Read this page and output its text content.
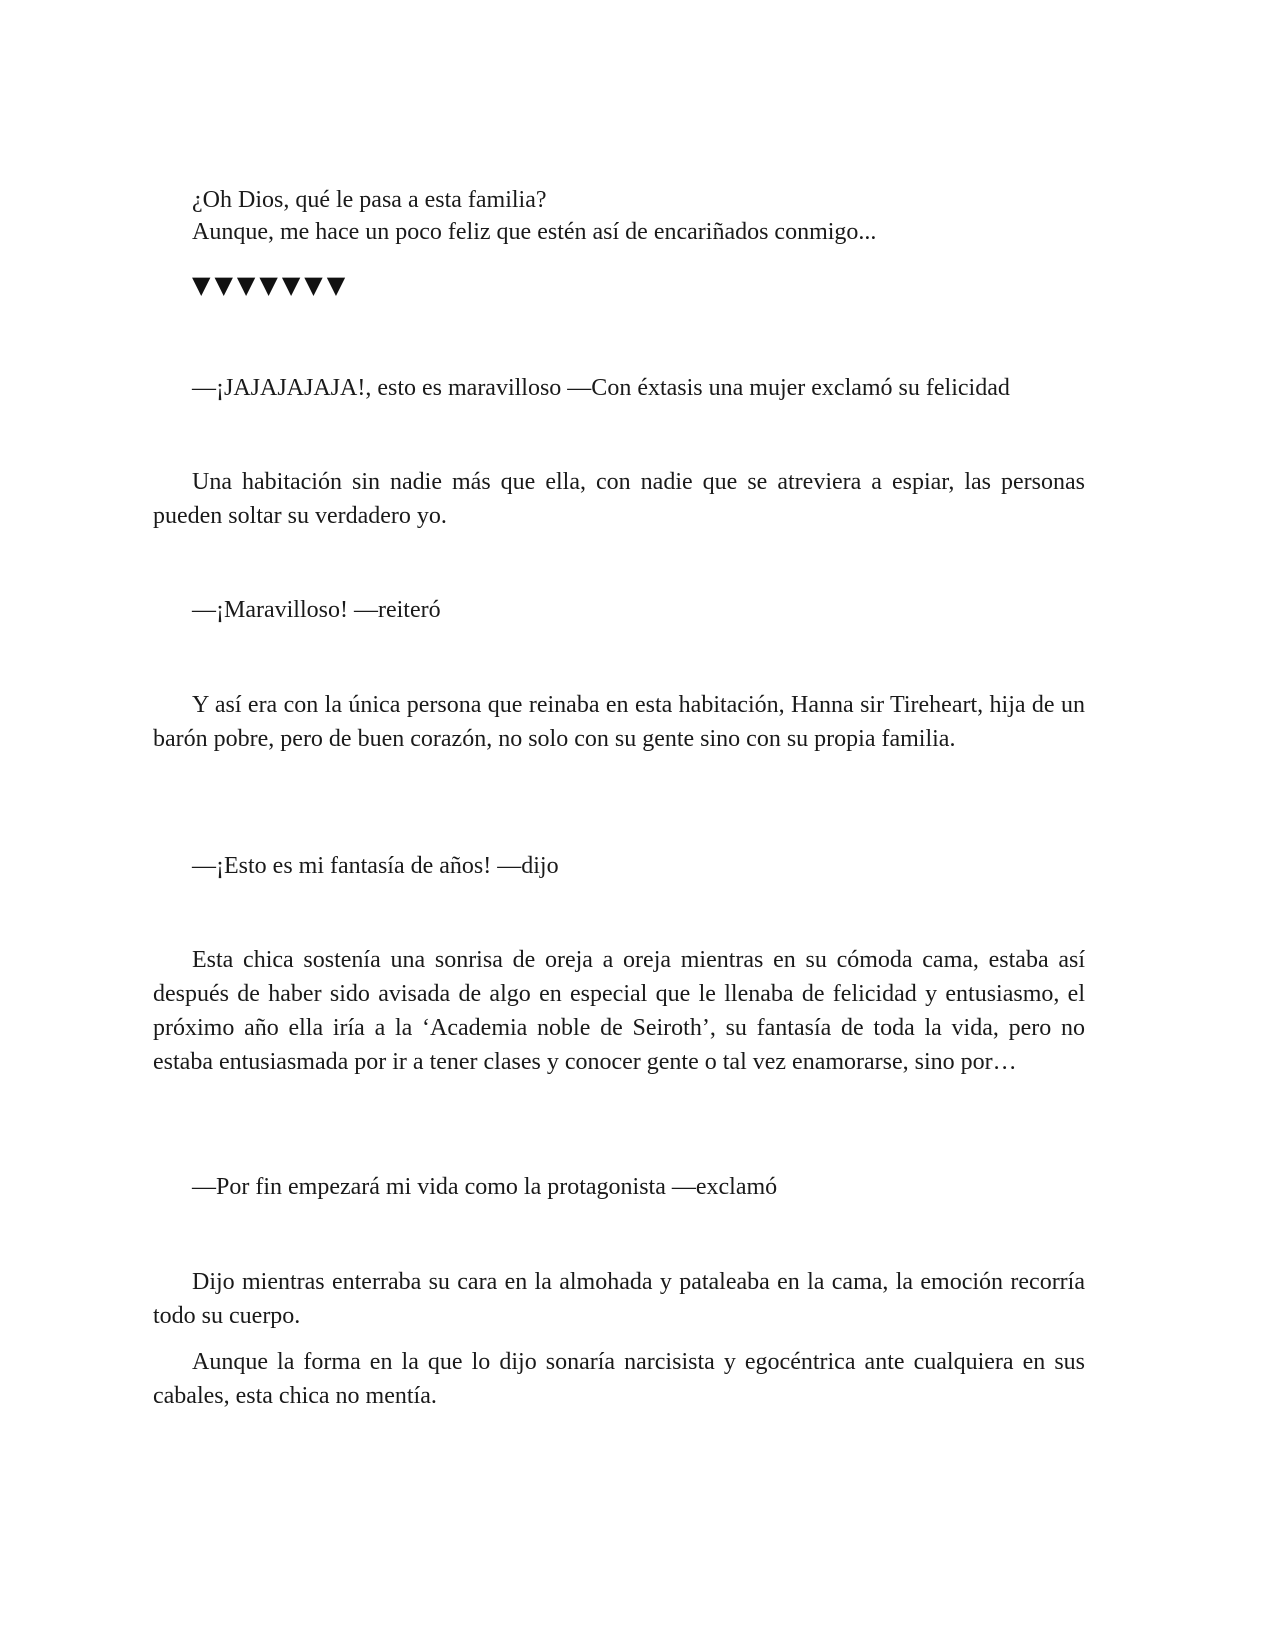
¿Oh Dios, qué le pasa a esta familia?
Aunque, me hace un poco feliz que estén así de encariñados conmigo...
▼▼▼▼▼▼▼
—¡JAJAJAJAJA!, esto es maravilloso —Con éxtasis una mujer exclamó su felicidad
Una habitación sin nadie más que ella, con nadie que se atreviera a espiar, las personas pueden soltar su verdadero yo.
—¡Maravilloso! —reiteró
Y así era con la única persona que reinaba en esta habitación, Hanna sir Tireheart, hija de un barón pobre, pero de buen corazón, no solo con su gente sino con su propia familia.
—¡Esto es mi fantasía de años! —dijo
Esta chica sostenía una sonrisa de oreja a oreja mientras en su cómoda cama, estaba así después de haber sido avisada de algo en especial que le llenaba de felicidad y entusiasmo, el próximo año ella iría a la ‘Academia noble de Seiroth’, su fantasía de toda la vida, pero no estaba entusiasmada por ir a tener clases y conocer gente o tal vez enamorarse, sino por…
—Por fin empezará mi vida como la protagonista —exclamó
Dijo mientras enterraba su cara en la almohada y pataleaba en la cama, la emoción recorría todo su cuerpo.
Aunque la forma en la que lo dijo sonaría narcisista y egocéntrica ante cualquiera en sus cabales, esta chica no mentía.
